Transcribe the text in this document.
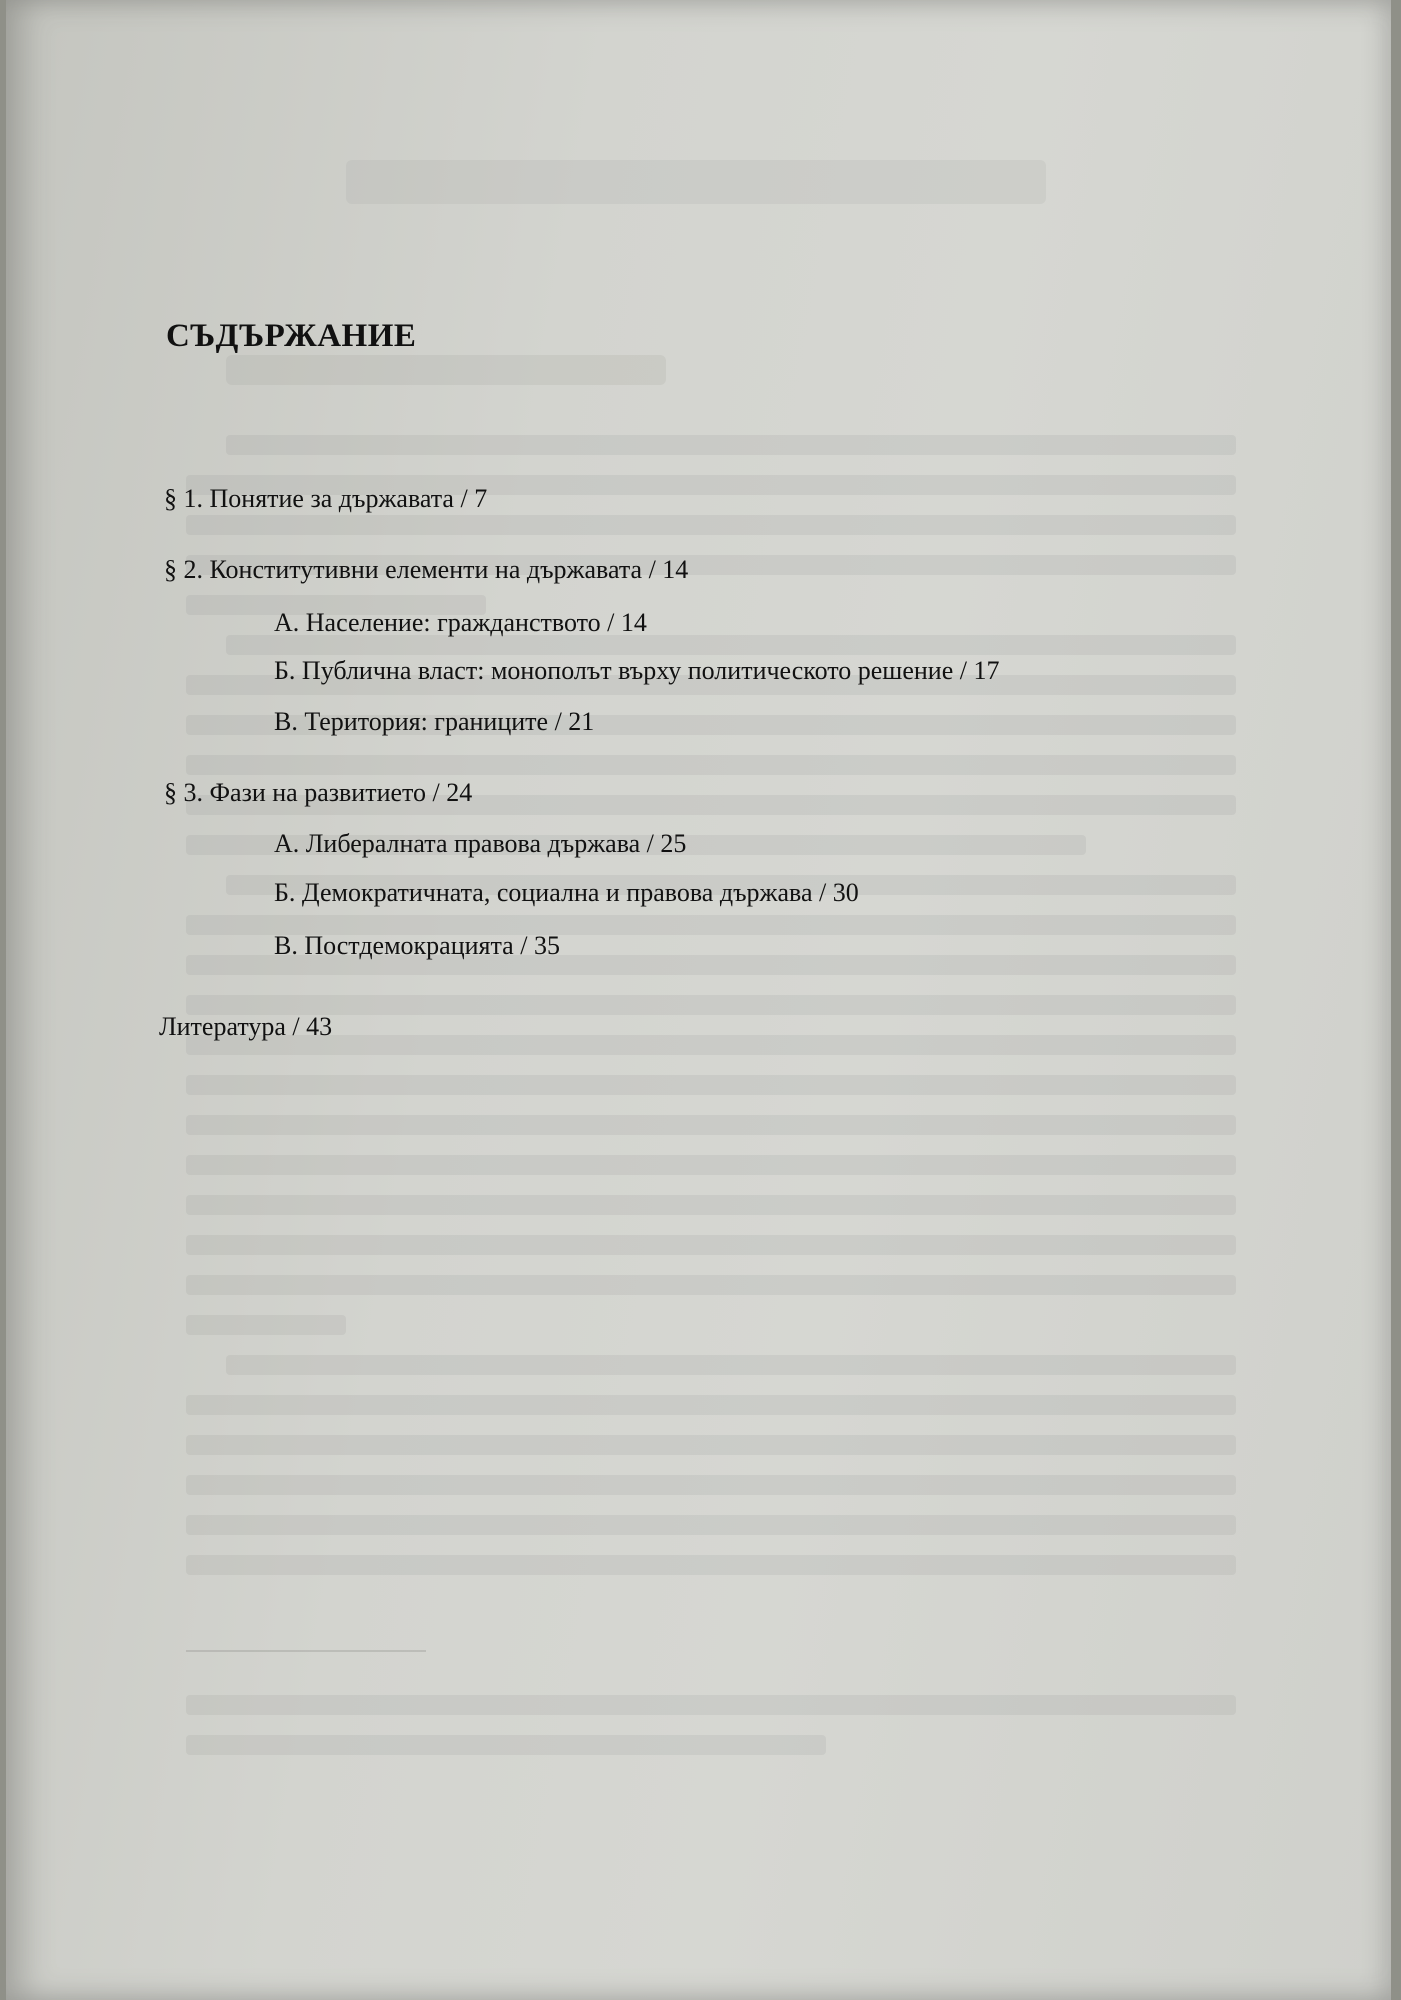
СЪДЪРЖАНИЕ

§ 1. Понятие за държавата / 7

§ 2. Конститутивни елементи на държавата / 14

А. Население: гражданството / 14

Б. Публична власт: монополът върху политическото решение / 17

В. Територия: границите / 21

§ 3. Фази на развитието / 24

А. Либералната правова държава / 25

Б. Демократичната, социална и правова държава / 30

В. Постдемокрацията / 35

Литература / 43
